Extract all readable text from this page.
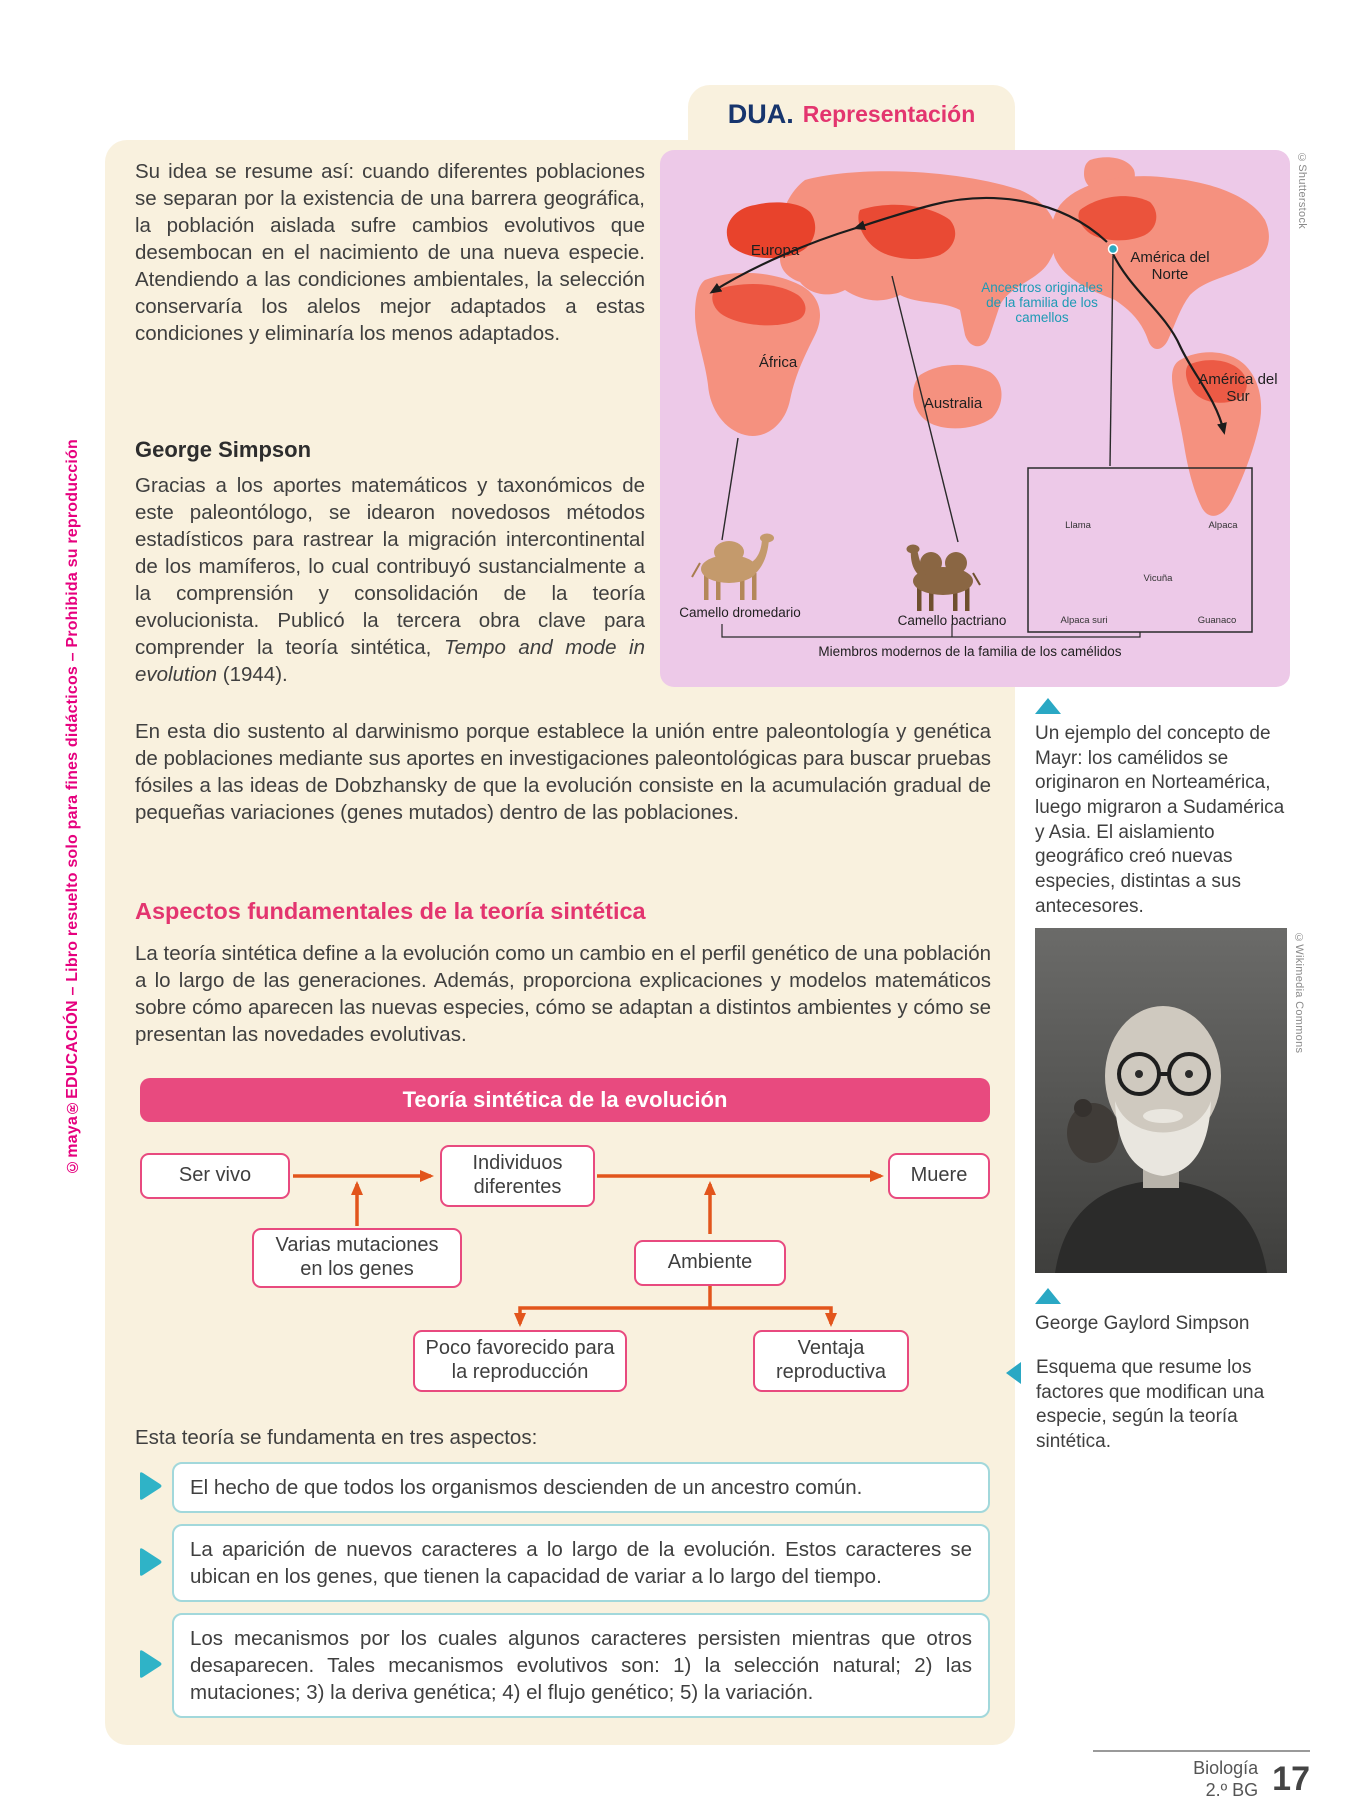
©maya®EDUCACIÓN – Libro resuelto solo para fines didácticos – Prohibida su reproducción
DUA. Representación

Su idea se resume así: cuando diferentes poblaciones se separan por la existencia de una barrera geográfica, la población aislada sufre cambios evolutivos que desembocan en el nacimiento de una nueva especie. Atendiendo a las condiciones ambientales, la selección conservaría los alelos mejor adaptados a estas condiciones y eliminaría los menos adaptados.

George Simpson

Gracias a los aportes matemáticos y taxonómicos de este paleontólogo, se idearon novedosos métodos estadísticos para rastrear la migración intercontinental de los mamíferos, lo cual contribuyó sustancialmente a la comprensión y consolidación de la teoría evolucionista. Publicó la tercera obra clave para comprender la teoría sintética, Tempo and mode in evolution (1944).

En esta dio sustento al darwinismo porque establece la unión entre paleontología y genética de poblaciones mediante sus aportes en investigaciones paleontológicas para buscar pruebas fósiles a las ideas de Dobzhansky de que la evolución consiste en la acumulación gradual de pequeñas variaciones (genes mutados) dentro de las poblaciones.

Aspectos fundamentales de la teoría sintética

La teoría sintética define a la evolución como un cambio en el perfil genético de una población a lo largo de las generaciones. Además, proporciona explicaciones y modelos matemáticos sobre cómo aparecen las nuevas especies, cómo se adaptan a distintos ambientes y cómo se presentan las novedades evolutivas.

Teoría sintética de la evolución
Ser vivo
Individuos diferentes
Muere
Varias mutaciones en los genes	Ambiente
Poco favorecido para la reproducción
Ventaja reproductiva

Esta teoría se fundamenta en tres aspectos:

El hecho de que todos los organismos descienden de un ancestro común.
La aparición de nuevos caracteres a lo largo de la evolución. Estos caracteres se ubican en los genes, que tienen la capacidad de variar a lo largo del tiempo.
Los mecanismos por los cuales algunos caracteres persisten mientras que otros desaparecen. Tales mecanismos evolutivos son: 1) la selección natural; 2) las mutaciones; 3) la deriva genética; 4) el flujo genético; 5) la variación.
Europa	América del Norte
Ancestros originales de la familia de los camellos
África
Australia
América del Sur
Camello dromedario
Camello bactriano
Llama	Alpaca
Vicuña
Alpaca suri	Guanaco
Miembros modernos de la familia de los camélidos
©Shutterstock

Un ejemplo del concepto de Mayr: los camélidos se originaron en Norteamérica, luego migraron a Sudamérica y Asia. El aislamiento geográfico creó nuevas especies, distintas a sus antecesores.

©Wikimedia Commons

George Gaylord Simpson

Esquema que resume los factores que modifican una especie, según la teoría sintética.

Biología
2.º BG 17
